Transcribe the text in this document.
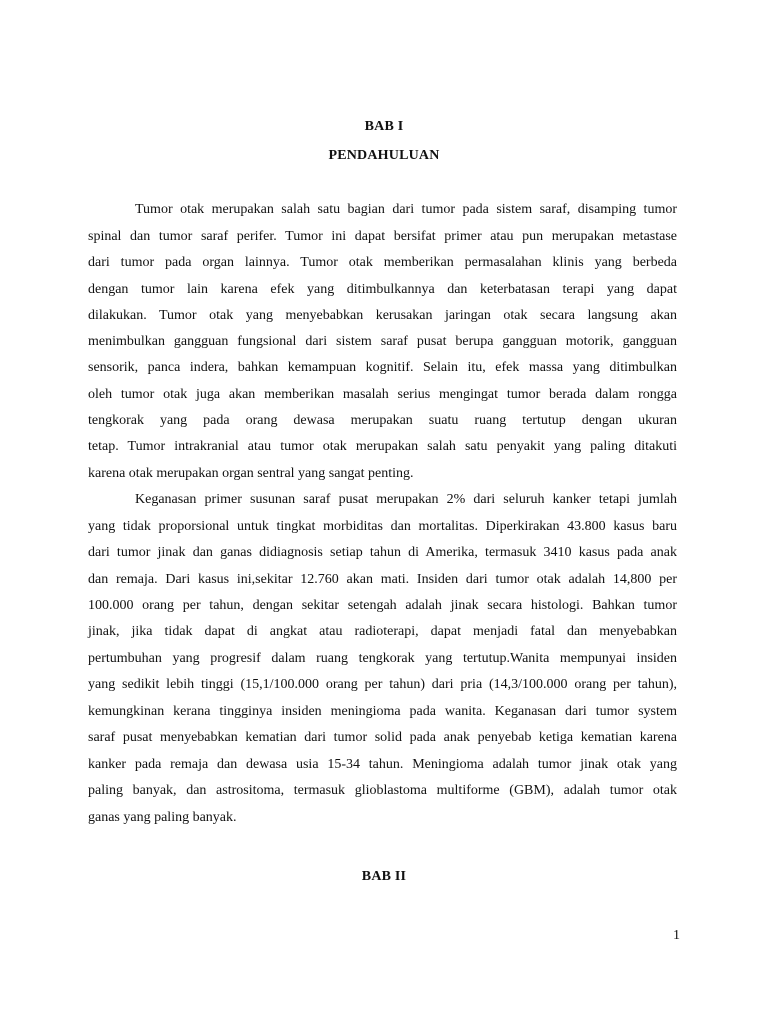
BAB I
PENDAHULUAN
Tumor otak merupakan salah satu bagian dari tumor pada sistem saraf, disamping tumor
spinal dan tumor saraf perifer. Tumor ini dapat bersifat primer atau pun merupakan metastase
dari tumor pada organ lainnya. Tumor otak memberikan permasalahan klinis yang berbeda
dengan tumor lain karena efek yang ditimbulkannya dan keterbatasan terapi yang dapat
dilakukan. Tumor otak yang menyebabkan kerusakan jaringan otak secara langsung akan
menimbulkan gangguan fungsional dari sistem saraf pusat berupa gangguan motorik, gangguan
sensorik, panca indera, bahkan kemampuan kognitif. Selain itu, efek massa yang ditimbulkan
oleh tumor otak juga akan memberikan masalah serius mengingat tumor berada dalam rongga
tengkorak yang pada orang dewasa merupakan suatu ruang tertutup dengan ukuran
tetap. Tumor intrakranial atau tumor otak merupakan salah satu penyakit yang paling ditakuti
karena otak merupakan organ sentral yang sangat penting.
Keganasan primer susunan saraf pusat merupakan 2% dari seluruh kanker tetapi jumlah
yang tidak proporsional untuk tingkat morbiditas dan mortalitas. Diperkirakan 43.800 kasus baru
dari tumor jinak dan ganas didiagnosis setiap tahun di Amerika, termasuk 3410 kasus pada anak
dan remaja. Dari kasus ini,sekitar 12.760 akan mati. Insiden dari tumor otak adalah 14,800 per
100.000 orang per tahun, dengan sekitar setengah adalah jinak secara histologi. Bahkan tumor
jinak, jika tidak dapat di angkat atau radioterapi, dapat menjadi fatal dan menyebabkan
pertumbuhan yang progresif dalam ruang tengkorak yang tertutup.Wanita mempunyai insiden
yang sedikit lebih tinggi (15,1/100.000 orang per tahun) dari pria (14,3/100.000 orang per tahun),
kemungkinan kerana tingginya insiden meningioma pada wanita. Keganasan dari tumor system
saraf pusat menyebabkan kematian dari tumor solid pada anak penyebab ketiga kematian karena
kanker pada remaja dan dewasa usia 15-34 tahun. Meningioma adalah tumor jinak otak yang
paling banyak, dan astrositoma, termasuk glioblastoma multiforme (GBM), adalah tumor otak
ganas yang paling banyak.
BAB II
1
